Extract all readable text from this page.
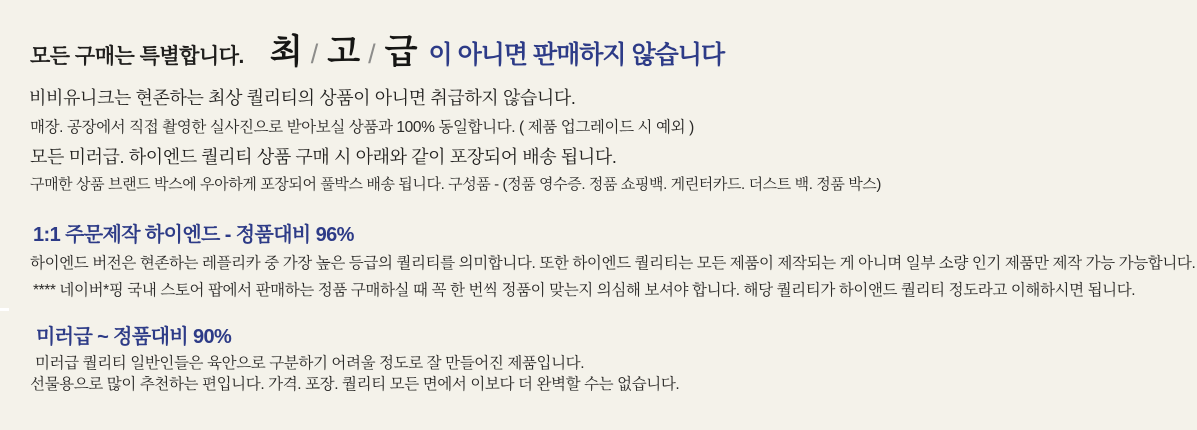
모든 구매는 특별합니다. 최 / 고 / 급 이 아니면 판매하지 않습니다
비비유니크는 현존하는 최상 퀄리티의 상품이 아니면 취급하지 않습니다.
매장. 공장에서 직접 촬영한 실사진으로 받아보실 상품과 100% 동일합니다. ( 제품 업그레이드 시 예외 )
모든 미러급. 하이엔드 퀄리티 상품 구매 시 아래와 같이 포장되어 배송 됩니다.
구매한 상품 브랜드 박스에 우아하게 포장되어 풀박스 배송 됩니다. 구성품 - (정품 영수증. 정품 쇼핑백. 게린터카드. 더스트 백. 정품 박스)
1:1 주문제작 하이엔드 - 정품대비 96%
하이엔드 버전은 현존하는 레플리카 중 가장 높은 등급의 퀄리티를 의미합니다. 또한 하이엔드 퀄리티는 모든 제품이 제작되는 게 아니며 일부 소량 인기 제품만 제작 가능 가능합니다.
**** 네이버*핑 국내 스토어 팝에서 판매하는 정품 구매하실 때 꼭 한 번씩 정품이 맞는지 의심해 보셔야 합니다. 해당 퀄리티가 하이앤드 퀄리티 정도라고 이해하시면 됩니다.
미러급 ~ 정품대비 90%
미러급 퀄리티 일반인들은 육안으로 구분하기 어려울 정도로 잘 만들어진 제품입니다.
선물용으로 많이 추천하는 편입니다. 가격. 포장. 퀄리티 모든 면에서 이보다 더 완벽할 수는 없습니다.
